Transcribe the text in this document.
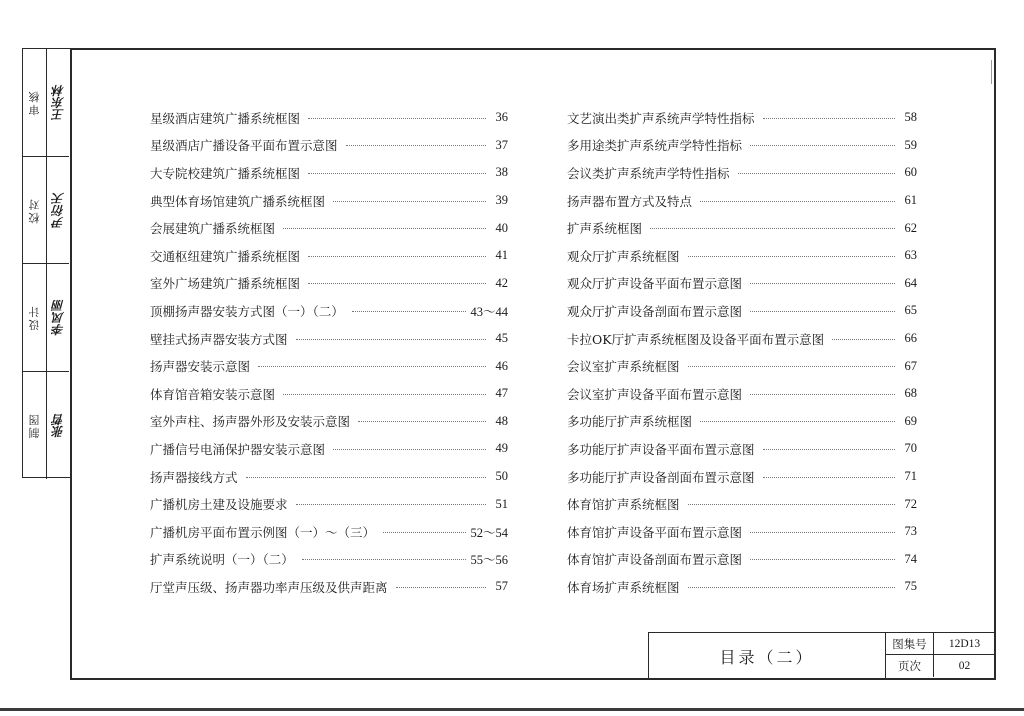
审核 王东林
校对 尹衍天
设计 李凤丽
制图 张哲
星级酒店建筑广播系统框图	36
星级酒店广播设备平面布置示意图	37
大专院校建筑广播系统框图	38
典型体育场馆建筑广播系统框图	39
会展建筑广播系统框图	40
交通枢纽建筑广播系统框图	41
室外广场建筑广播系统框图	42
顶棚扬声器安装方式图（一）（二）	43～44
壁挂式扬声器安装方式图	45
扬声器安装示意图	46
体育馆音箱安装示意图	47
室外声柱、扬声器外形及安装示意图	48
广播信号电涌保护器安装示意图	49
扬声器接线方式	50
广播机房土建及设施要求	51
广播机房平面布置示例图（一）～（三）	52～54
扩声系统说明（一）（二）	55～56
厅堂声压级、扬声器功率声压级及供声距离	57
文艺演出类扩声系统声学特性指标	58
多用途类扩声系统声学特性指标	59
会议类扩声系统声学特性指标	60
扬声器布置方式及特点	61
扩声系统框图	62
观众厅扩声系统框图	63
观众厅扩声设备平面布置示意图	64
观众厅扩声设备剖面布置示意图	65
卡拉OK厅扩声系统框图及设备平面布置示意图	66
会议室扩声系统框图	67
会议室扩声设备平面布置示意图	68
多功能厅扩声系统框图	69
多功能厅扩声设备平面布置示意图	70
多功能厅扩声设备剖面布置示意图	71
体育馆扩声系统框图	72
体育馆扩声设备平面布置示意图	73
体育馆扩声设备剖面布置示意图	74
体育场扩声系统框图	75
目录（二）
图集号	12D13
页次	02
